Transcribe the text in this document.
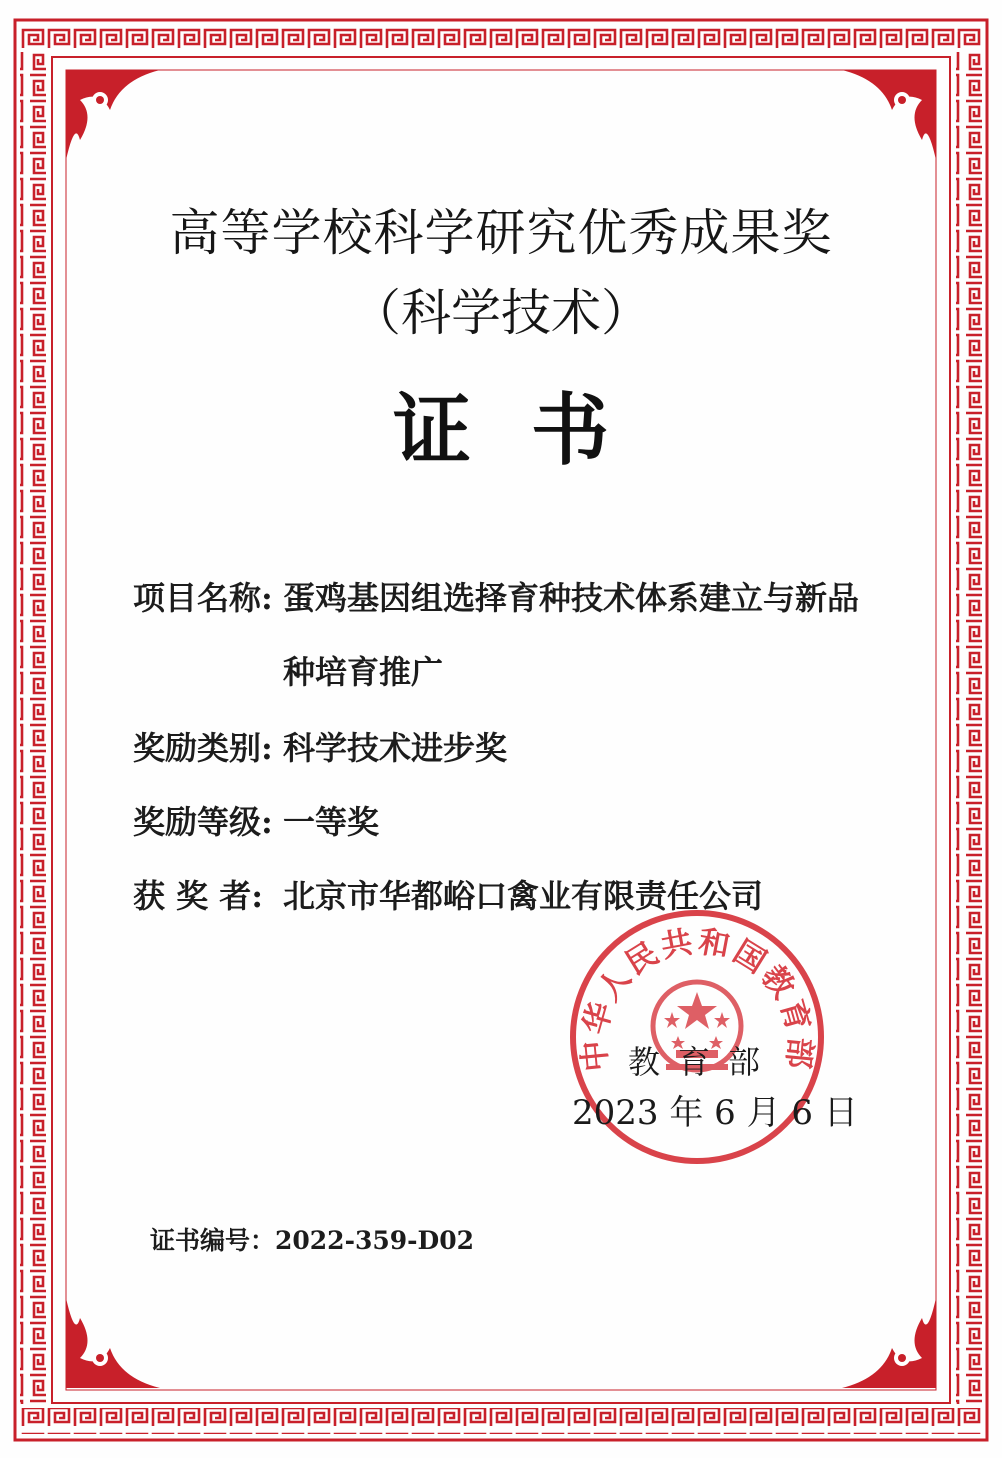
高等学校科学研究优秀成果奖
（科学技术）
证书
项目名称: 蛋鸡基因组选择育种技术体系建立与新品
种培育推广
奖励类别: 科学技术进步奖
奖励等级: 一等奖
获 奖 者: 北京市华都峪口禽业有限责任公司
中华人民共和国教育部
教育部
2023 年 6 月 6 日
证书编号：2022-359-D02
